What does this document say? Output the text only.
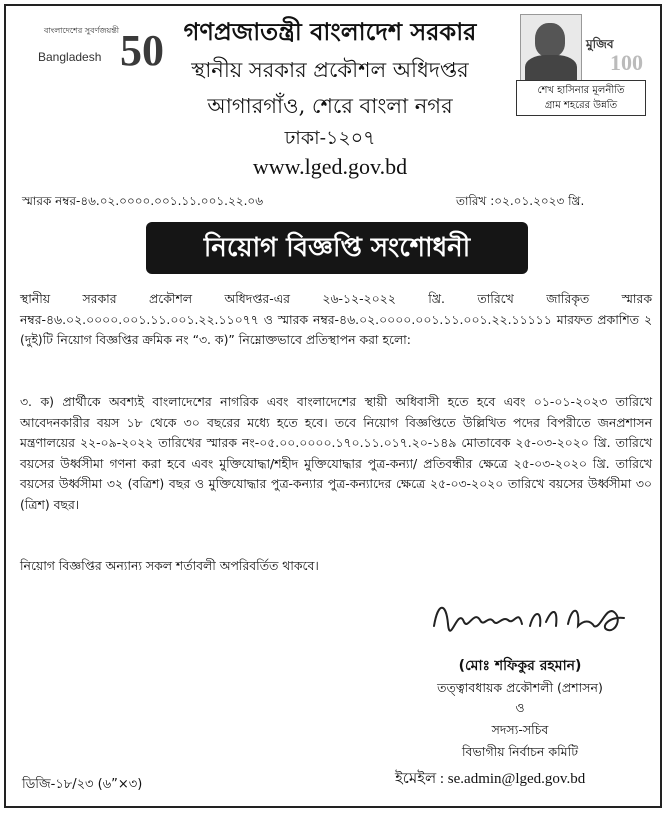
বাংলাদেশের সুবর্ণজয়ন্তী
Bangladesh 50 গণপ্রজাতন্ত্রী বাংলাদেশ সরকার
স্থানীয় সরকার প্রকৌশল অধিদপ্তর
আগারগাঁও, শেরে বাংলা নগর
ঢাকা-১২০৭
www.lged.gov.bd
মুজিব
100
শেখ হাসিনার মূলনীতি
গ্রাম শহরের উন্নতি
স্মারক নম্বর-৪৬.০২.০০০০.০০১.১১.০০১.২২.০৬	তারিখ :০২.০১.২০২৩ খ্রি.
নিয়োগ বিজ্ঞপ্তি সংশোধনী
স্থানীয় সরকার প্রকৌশল অধিদপ্তর-এর ২৬-১২-২০২২ খ্রি. তারিখে জারিকৃত স্মারক নম্বর-৪৬.০২.০০০০.০০১.১১.০০১.২২.১১০৭৭ ও স্মারক নম্বর-৪৬.০২.০০০০.০০১.১১.০০১.২২.১১১১১ মারফত প্রকাশিত ২ (দুই)টি নিয়োগ বিজ্ঞপ্তির ক্রমিক নং “৩. ক)” নিম্নোক্তভাবে প্রতিস্থাপন করা হলো:
৩. ক) প্রার্থীকে অবশ্যই বাংলাদেশের নাগরিক এবং বাংলাদেশের স্থায়ী অধিবাসী হতে হবে এবং ০১-০১-২০২৩ তারিখে আবেদনকারীর বয়স ১৮ থেকে ৩০ বছরের মধ্যে হতে হবে। তবে নিয়োগ বিজ্ঞপ্তিতে উল্লিখিত পদের বিপরীতে জনপ্রশাসন মন্ত্রণালয়ের ২২-০৯-২০২২ তারিখের স্মারক নং-০৫.০০.০০০০.১৭০.১১.০১৭.২০-১৪৯ মোতাবেক ২৫-০৩-২০২০ খ্রি. তারিখে বয়সের উর্ধ্বসীমা গণনা করা হবে এবং মুক্তিযোদ্ধা/শহীদ মুক্তিযোদ্ধার পুত্র-কন্যা/ প্রতিবন্ধীর ক্ষেত্রে ২৫-০৩-২০২০ খ্রি. তারিখে বয়সের উর্ধ্বসীমা ৩২ (বত্রিশ) বছর ও মুক্তিযোদ্ধার পুত্র-কন্যার পুত্র-কন্যাদের ক্ষেত্রে ২৫-০৩-২০২০ তারিখে বয়সের উর্ধ্বসীমা ৩০ (ত্রিশ) বছর।
নিয়োগ বিজ্ঞপ্তির অন্যান্য সকল শর্তাবলী অপরিবর্তিত থাকবে।
(মোঃ শফিকুর রহমান)
তত্ত্বাবধায়ক প্রকৌশলী (প্রশাসন)
ও
সদস্য-সচিব
বিভাগীয় নির্বাচন কমিটি
ইমেইল : se.admin@lged.gov.bd
ডিজি-১৮/২৩ (৬”×৩)
